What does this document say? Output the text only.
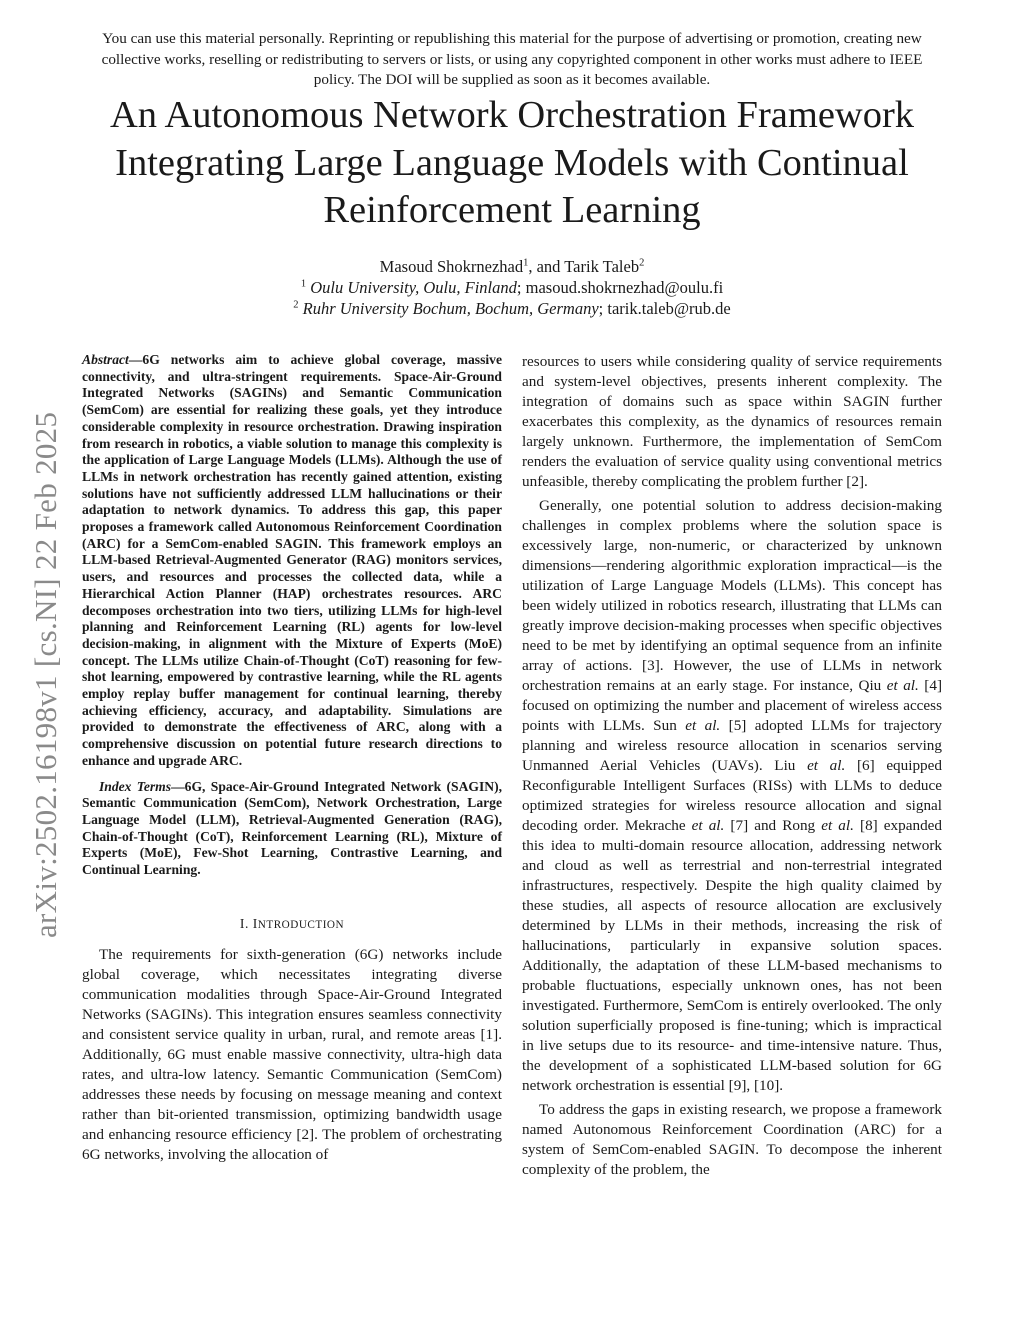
You can use this material personally. Reprinting or republishing this material for the purpose of advertising or promotion, creating new collective works, reselling or redistributing to servers or lists, or using any copyrighted component in other works must adhere to IEEE policy. The DOI will be supplied as soon as it becomes available.
An Autonomous Network Orchestration Framework Integrating Large Language Models with Continual Reinforcement Learning
Masoud Shokrnezhad$^1$, and Tarik Taleb$^2$
$^1$ Oulu University, Oulu, Finland; masoud.shokrnezhad@oulu.fi
$^2$ Ruhr University Bochum, Bochum, Germany; tarik.taleb@rub.de
arXiv:2502.16198v1 [cs.NI] 22 Feb 2025

Abstract—6G networks aim to achieve global coverage, massive connectivity, and ultra-stringent requirements. Space-Air-Ground Integrated Networks (SAGINs) and Semantic Communication (SemCom) are essential for realizing these goals, yet they introduce considerable complexity in resource orchestration. Drawing inspiration from research in robotics, a viable solution to manage this complexity is the application of Large Language Models (LLMs). Although the use of LLMs in network orchestration has recently gained attention, existing solutions have not sufficiently addressed LLM hallucinations or their adaptation to network dynamics. To address this gap, this paper proposes a framework called Autonomous Reinforcement Coordination (ARC) for a SemCom-enabled SAGIN. This framework employs an LLM-based Retrieval-Augmented Generator (RAG) monitors services, users, and resources and processes the collected data, while a Hierarchical Action Planner (HAP) orchestrates resources. ARC decomposes orchestration into two tiers, utilizing LLMs for high-level planning and Reinforcement Learning (RL) agents for low-level decision-making, in alignment with the Mixture of Experts (MoE) concept. The LLMs utilize Chain-of-Thought (CoT) reasoning for few-shot learning, empowered by contrastive learning, while the RL agents employ replay buffer management for continual learning, thereby achieving efficiency, accuracy, and adaptability. Simulations are provided to demonstrate the effectiveness of ARC, along with a comprehensive discussion on potential future research directions to enhance and upgrade ARC.

Index Terms—6G, Space-Air-Ground Integrated Network (SAGIN), Semantic Communication (SemCom), Network Orchestration, Large Language Model (LLM), Retrieval-Augmented Generation (RAG), Chain-of-Thought (CoT), Reinforcement Learning (RL), Mixture of Experts (MoE), Few-Shot Learning, Contrastive Learning, and Continual Learning.

I. INTRODUCTION

The requirements for sixth-generation (6G) networks include global coverage, which necessitates integrating diverse communication modalities through Space-Air-Ground Integrated Networks (SAGINs). This integration ensures seamless connectivity and consistent service quality in urban, rural, and remote areas [1]. Additionally, 6G must enable massive connectivity, ultra-high data rates, and ultra-low latency. Semantic Communication (SemCom) addresses these needs by focusing on message meaning and context rather than bit-oriented transmission, optimizing bandwidth usage and enhancing resource efficiency [2]. The problem of orchestrating 6G networks, involving the allocation of

resources to users while considering quality of service requirements and system-level objectives, presents inherent complexity. The integration of domains such as space within SAGIN further exacerbates this complexity, as the dynamics of resources remain largely unknown. Furthermore, the implementation of SemCom renders the evaluation of service quality using conventional metrics unfeasible, thereby complicating the problem further [2].

Generally, one potential solution to address decision-making challenges in complex problems where the solution space is excessively large, non-numeric, or characterized by unknown dimensions—rendering algorithmic exploration impractical—is the utilization of Large Language Models (LLMs). This concept has been widely utilized in robotics research, illustrating that LLMs can greatly improve decision-making processes when specific objectives need to be met by identifying an optimal sequence from an infinite array of actions. [3]. However, the use of LLMs in network orchestration remains at an early stage. For instance, Qiu et al. [4] focused on optimizing the number and placement of wireless access points with LLMs. Sun et al. [5] adopted LLMs for trajectory planning and wireless resource allocation in scenarios serving Unmanned Aerial Vehicles (UAVs). Liu et al. [6] equipped Reconfigurable Intelligent Surfaces (RISs) with LLMs to deduce optimized strategies for wireless resource allocation and signal decoding order. Mekrache et al. [7] and Rong et al. [8] expanded this idea to multi-domain resource allocation, addressing network and cloud as well as terrestrial and non-terrestrial integrated infrastructures, respectively. Despite the high quality claimed by these studies, all aspects of resource allocation are exclusively determined by LLMs in their methods, increasing the risk of hallucinations, particularly in expansive solution spaces. Additionally, the adaptation of these LLM-based mechanisms to probable fluctuations, especially unknown ones, has not been investigated. Furthermore, SemCom is entirely overlooked. The only solution superficially proposed is fine-tuning; which is impractical in live setups due to its resource- and time-intensive nature. Thus, the development of a sophisticated LLM-based solution for 6G network orchestration is essential [9], [10].

To address the gaps in existing research, we propose a framework named Autonomous Reinforcement Coordination (ARC) for a system of SemCom-enabled SAGIN. To decompose the inherent complexity of the problem, the
